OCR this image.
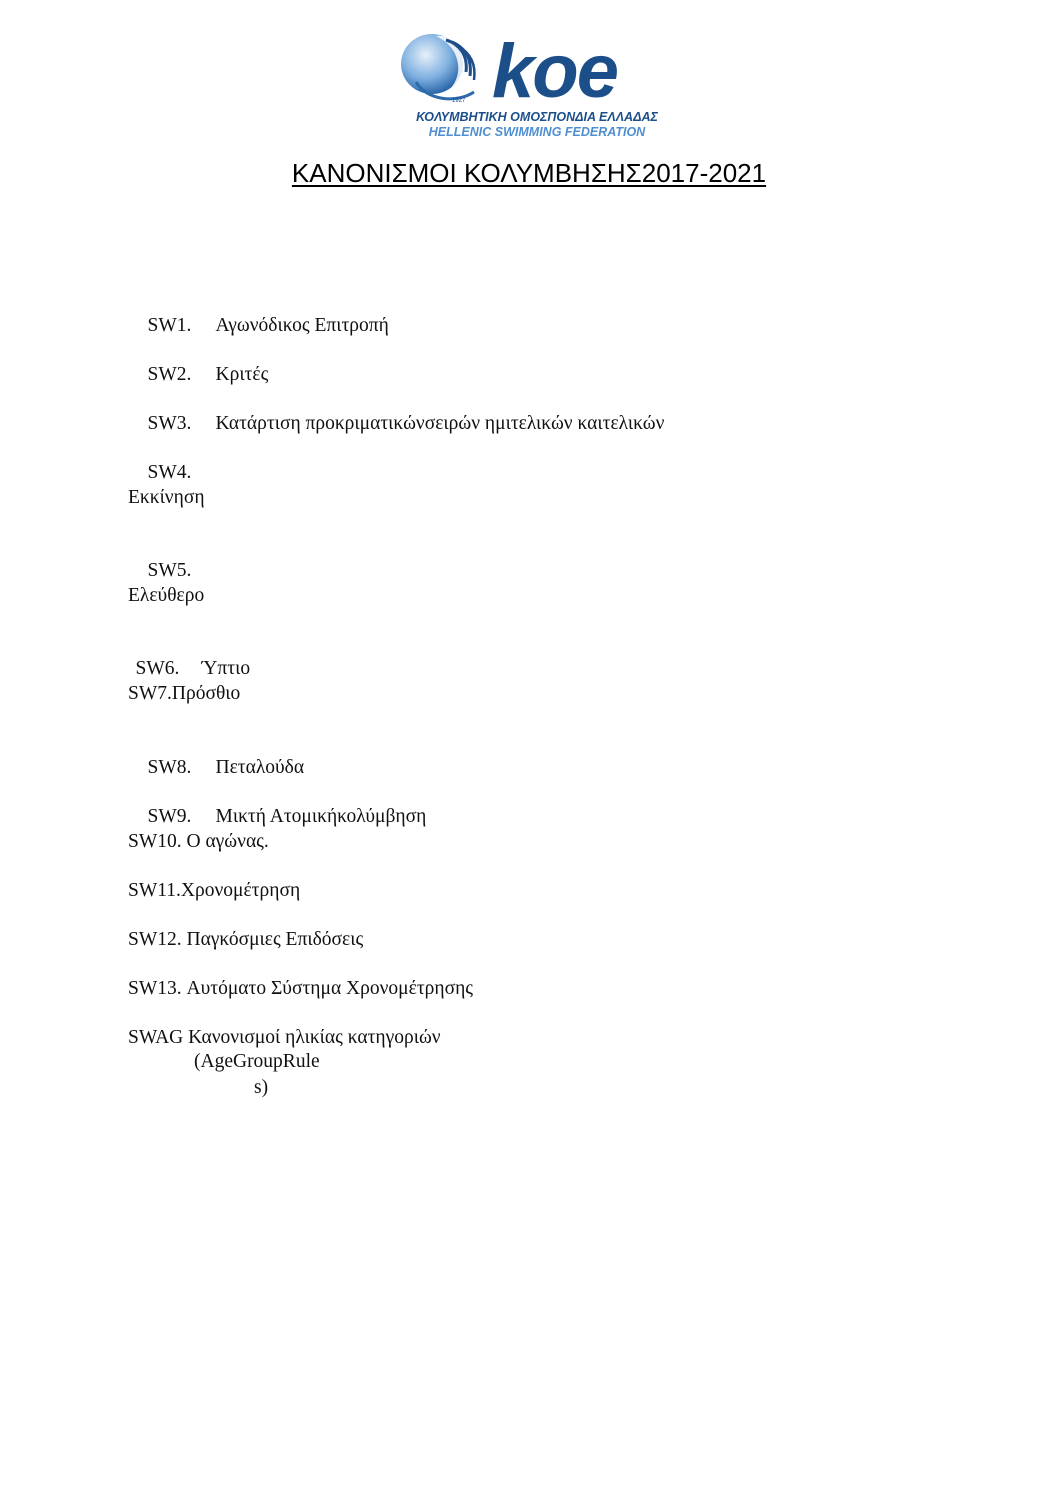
koe
1927
ΚΟΛΥΜΒΗΤΙΚΗ ΟΜΟΣΠΟΝΔΙΑ ΕΛΛΑΔΑΣ
HELLENIC SWIMMING FEDERATION
ΚΑΝΟΝΙΣΜΟΙ ΚΟΛΥΜΒΗΣΗΣ2017-2021

SW1. Αγωνόδικος Επιτροπή

SW2. Κριτές

SW3. Κατάρτιση προκριματικώνσειρών ημιτελικών καιτελικών

SW4.

Εκκίνηση

SW5.

Ελεύθερο

SW6. Ύπτιο

SW7.Πρόσθιο

SW8. Πεταλούδα

SW9. Μικτή Ατομικήκολύμβηση

SW10. Ο αγώνας.
SW11.Χρονομέτρηση
SW12. Παγκόσμιες Επιδόσεις
SW13. Αυτόματο Σύστημα Χρονομέτρησης
SWAG Κανονισμοί ηλικίας κατηγοριών
(AgeGroupRule
s)
